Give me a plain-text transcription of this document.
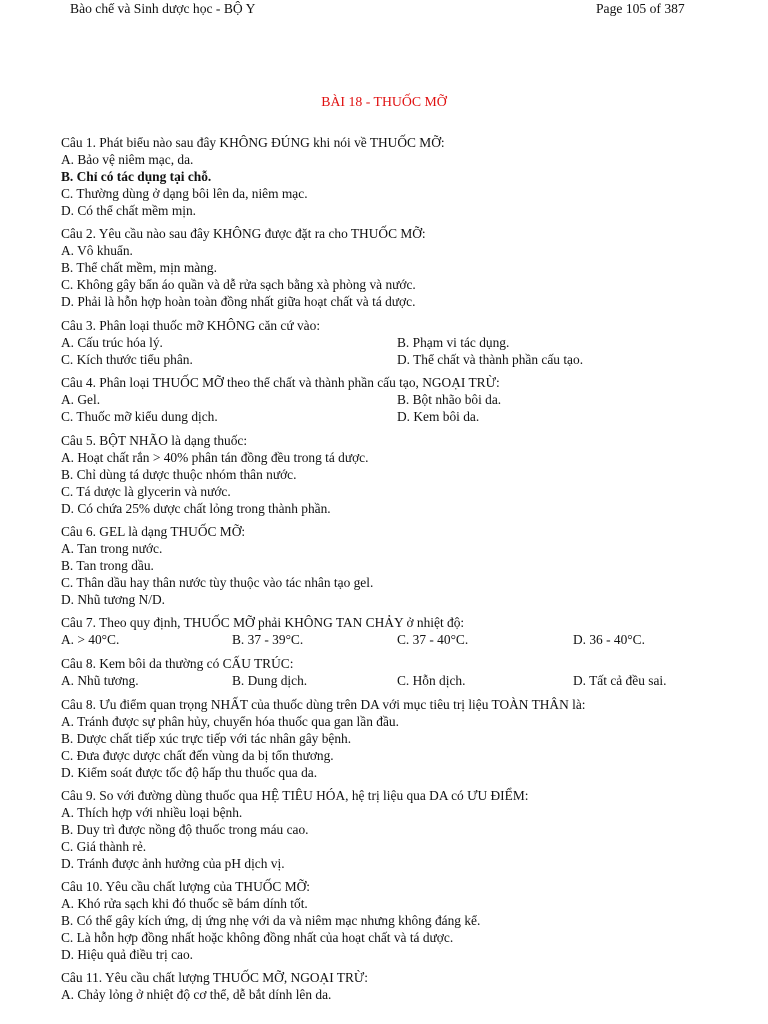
Bào chế và Sinh dược học - BỘ Y	Page 105 of 387
BÀI 18 - THUỐC MỠ
Câu 1. Phát biểu nào sau đây KHÔNG ĐÚNG khi nói về THUỐC MỠ:
A. Bảo vệ niêm mạc, da.
B. Chỉ có tác dụng tại chỗ.
C. Thường dùng ở dạng bôi lên da, niêm mạc.
D. Có thể chất mềm mịn.
Câu 2. Yêu cầu nào sau đây KHÔNG được đặt ra cho THUỐC MỠ:
A. Vô khuẩn.
B. Thể chất mềm, mịn màng.
C. Không gây bẩn áo quần và dễ rửa sạch bằng xà phòng và nước.
D. Phải là hỗn hợp hoàn toàn đồng nhất giữa hoạt chất và tá dược.
Câu 3. Phân loại thuốc mỡ KHÔNG căn cứ vào:
A. Cấu trúc hóa lý.	B. Phạm vi tác dụng.
C. Kích thước tiểu phân.	D. Thể chất và thành phần cấu tạo.
Câu 4. Phân loại THUỐC MỠ theo thể chất và thành phần cấu tạo, NGOẠI TRỪ:
A. Gel.	B. Bột nhão bôi da.
C. Thuốc mỡ kiểu dung dịch.	D. Kem bôi da.
Câu 5. BỘT NHÃO là dạng thuốc:
A. Hoạt chất rắn > 40% phân tán đồng đều trong tá dược.
B. Chỉ dùng tá dược thuộc nhóm thân nước.
C. Tá dược là glycerin và nước.
D. Có chứa 25% dược chất lỏng trong thành phần.
Câu 6. GEL là dạng THUỐC MỠ:
A. Tan trong nước.
B. Tan trong dầu.
C. Thân dầu hay thân nước tùy thuộc vào tác nhân tạo gel.
D. Nhũ tương N/D.
Câu 7. Theo quy định, THUỐC MỠ phải KHÔNG TAN CHẢY ở nhiệt độ:
A. > 40°C.	B. 37 - 39°C.	C. 37 - 40°C.	D. 36 - 40°C.
Câu 8. Kem bôi da thường có CẤU TRÚC:
A. Nhũ tương.	B. Dung dịch.	C. Hỗn dịch.	D. Tất cả đều sai.
Câu 8. Ưu điểm quan trọng NHẤT của thuốc dùng trên DA với mục tiêu trị liệu TOÀN THÂN là:
A. Tránh được sự phân hủy, chuyển hóa thuốc qua gan lần đầu.
B. Dược chất tiếp xúc trực tiếp với tác nhân gây bệnh.
C. Đưa được dược chất đến vùng da bị tổn thương.
D. Kiểm soát được tốc độ hấp thu thuốc qua da.
Câu 9. So với đường dùng thuốc qua HỆ TIÊU HÓA, hệ trị liệu qua DA có ƯU ĐIỂM:
A. Thích hợp với nhiều loại bệnh.
B. Duy trì được nồng độ thuốc trong máu cao.
C. Giá thành rẻ.
D. Tránh được ảnh hưởng của pH dịch vị.
Câu 10. Yêu cầu chất lượng của THUỐC MỠ:
A. Khó rửa sạch khi đó thuốc sẽ bám dính tốt.
B. Có thể gây kích ứng, dị ứng nhẹ với da và niêm mạc nhưng không đáng kể.
C. Là hỗn hợp đồng nhất hoặc không đồng nhất của hoạt chất và tá dược.
D. Hiệu quả điều trị cao.
Câu 11. Yêu cầu chất lượng THUỐC MỠ, NGOẠI TRỪ:
A. Chảy lỏng ở nhiệt độ cơ thể, dễ bắt dính lên da.
